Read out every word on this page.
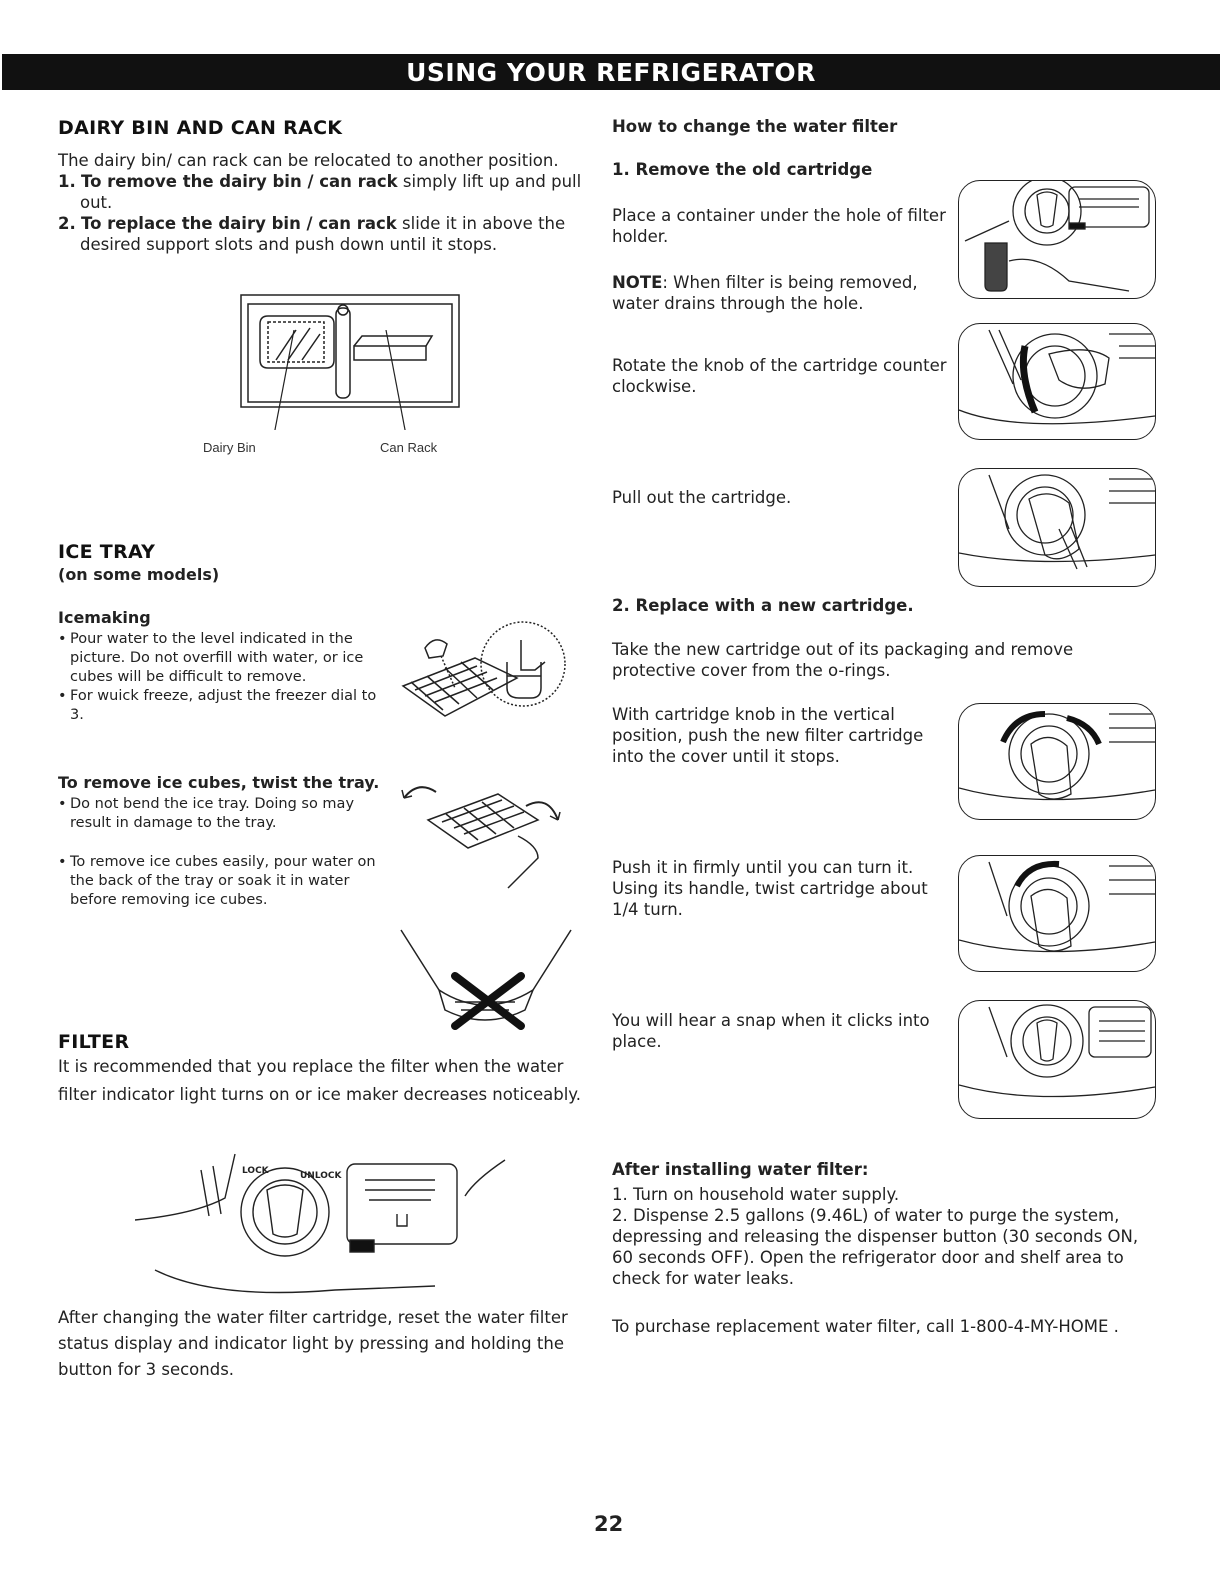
USING YOUR REFRIGERATOR
DAIRY BIN AND CAN RACK
The dairy bin/ can rack can be relocated to another position.
1. To remove the dairy bin / can rack simply lift up and pull out.
2. To replace the dairy bin / can rack slide it in above the desired support slots and push down until it stops.
Dairy Bin	Can Rack
ICE TRAY
(on some models)
Icemaking
• Pour water to the level indicated in the picture. Do not overfill with water, or ice cubes will be difficult to remove.
• For wuick freeze, adjust the freezer dial to 3.
To remove ice cubes, twist the tray.
• Do not bend the ice tray. Doing so may result in damage to the tray.
• To remove ice cubes easily, pour water on the back of the tray or soak it in water before removing ice cubes.
FILTER
It is recommended that you replace the filter when the water filter indicator light turns on or ice maker decreases noticeably.
LOCK	UNLOCK
After changing the water filter cartridge, reset the water filter status display and indicator light by pressing and holding the button for 3 seconds.
How to change the water filter
1. Remove the old cartridge
Place a container under the hole of filter holder.
NOTE: When filter is being removed, water drains through the hole.
Rotate the knob of the cartridge counter clockwise.
Pull out the cartridge.
2. Replace with a new cartridge.
Take the new cartridge out of its packaging and remove protective cover from the o-rings.
With cartridge knob in the vertical position, push the new filter cartridge into the cover until it stops.
Push it in firmly until you can turn it. Using its handle, twist cartridge about 1/4 turn.
You will hear a snap when it clicks into place.
After installing water filter:
1. Turn on household water supply.
2. Dispense 2.5 gallons (9.46L) of water to purge the system, depressing and releasing the dispenser button (30 seconds ON, 60 seconds OFF). Open the refrigerator door and shelf area to check for water leaks.
To purchase replacement water filter, call 1-800-4-MY-HOME .
22
